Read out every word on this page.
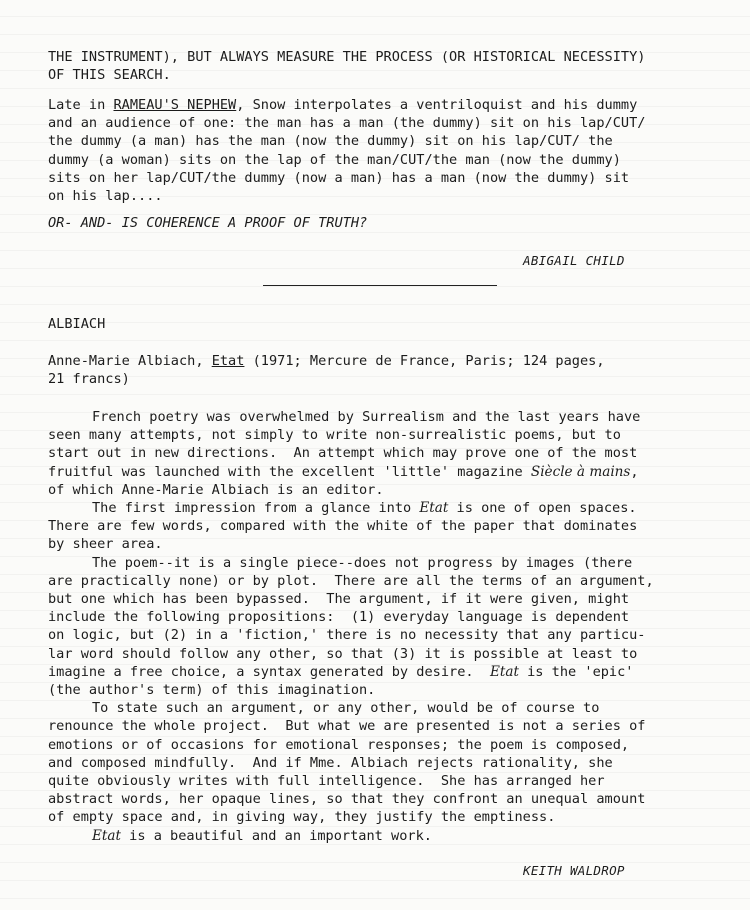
THE INSTRUMENT), BUT ALWAYS MEASURE THE PROCESS (OR HISTORICAL NECESSITY)
OF THIS SEARCH.
Late in RAMEAU'S NEPHEW, Snow interpolates a ventriloquist and his dummy
and an audience of one: the man has a man (the dummy) sit on his lap/CUT/
the dummy (a man) has the man (now the dummy) sit on his lap/CUT/ the
dummy (a woman) sits on the lap of the man/CUT/the man (now the dummy)
sits on her lap/CUT/the dummy (now a man) has a man (now the dummy) sit
on his lap....
OR- AND- IS COHERENCE A PROOF OF TRUTH?
ABIGAIL CHILD
ALBIACH
Anne-Marie Albiach, Etat (1971; Mercure de France, Paris; 124 pages,
21 francs)
French poetry was overwhelmed by Surrealism and the last years have
seen many attempts, not simply to write non-surrealistic poems, but to
start out in new directions.  An attempt which may prove one of the most
fruitful was launched with the excellent 'little' magazine Siècle à mains,
of which Anne-Marie Albiach is an editor.
The first impression from a glance into Etat is one of open spaces.
There are few words, compared with the white of the paper that dominates
by sheer area.
The poem--it is a single piece--does not progress by images (there
are practically none) or by plot.  There are all the terms of an argument,
but one which has been bypassed.  The argument, if it were given, might
include the following propositions:  (1) everyday language is dependent
on logic, but (2) in a 'fiction,' there is no necessity that any particu-
lar word should follow any other, so that (3) it is possible at least to
imagine a free choice, a syntax generated by desire.  Etat is the 'epic'
(the author's term) of this imagination.
To state such an argument, or any other, would be of course to
renounce the whole project.  But what we are presented is not a series of
emotions or of occasions for emotional responses; the poem is composed,
and composed mindfully.  And if Mme. Albiach rejects rationality, she
quite obviously writes with full intelligence.  She has arranged her
abstract words, her opaque lines, so that they confront an unequal amount
of empty space and, in giving way, they justify the emptiness.
Etat is a beautiful and an important work.
KEITH WALDROP
